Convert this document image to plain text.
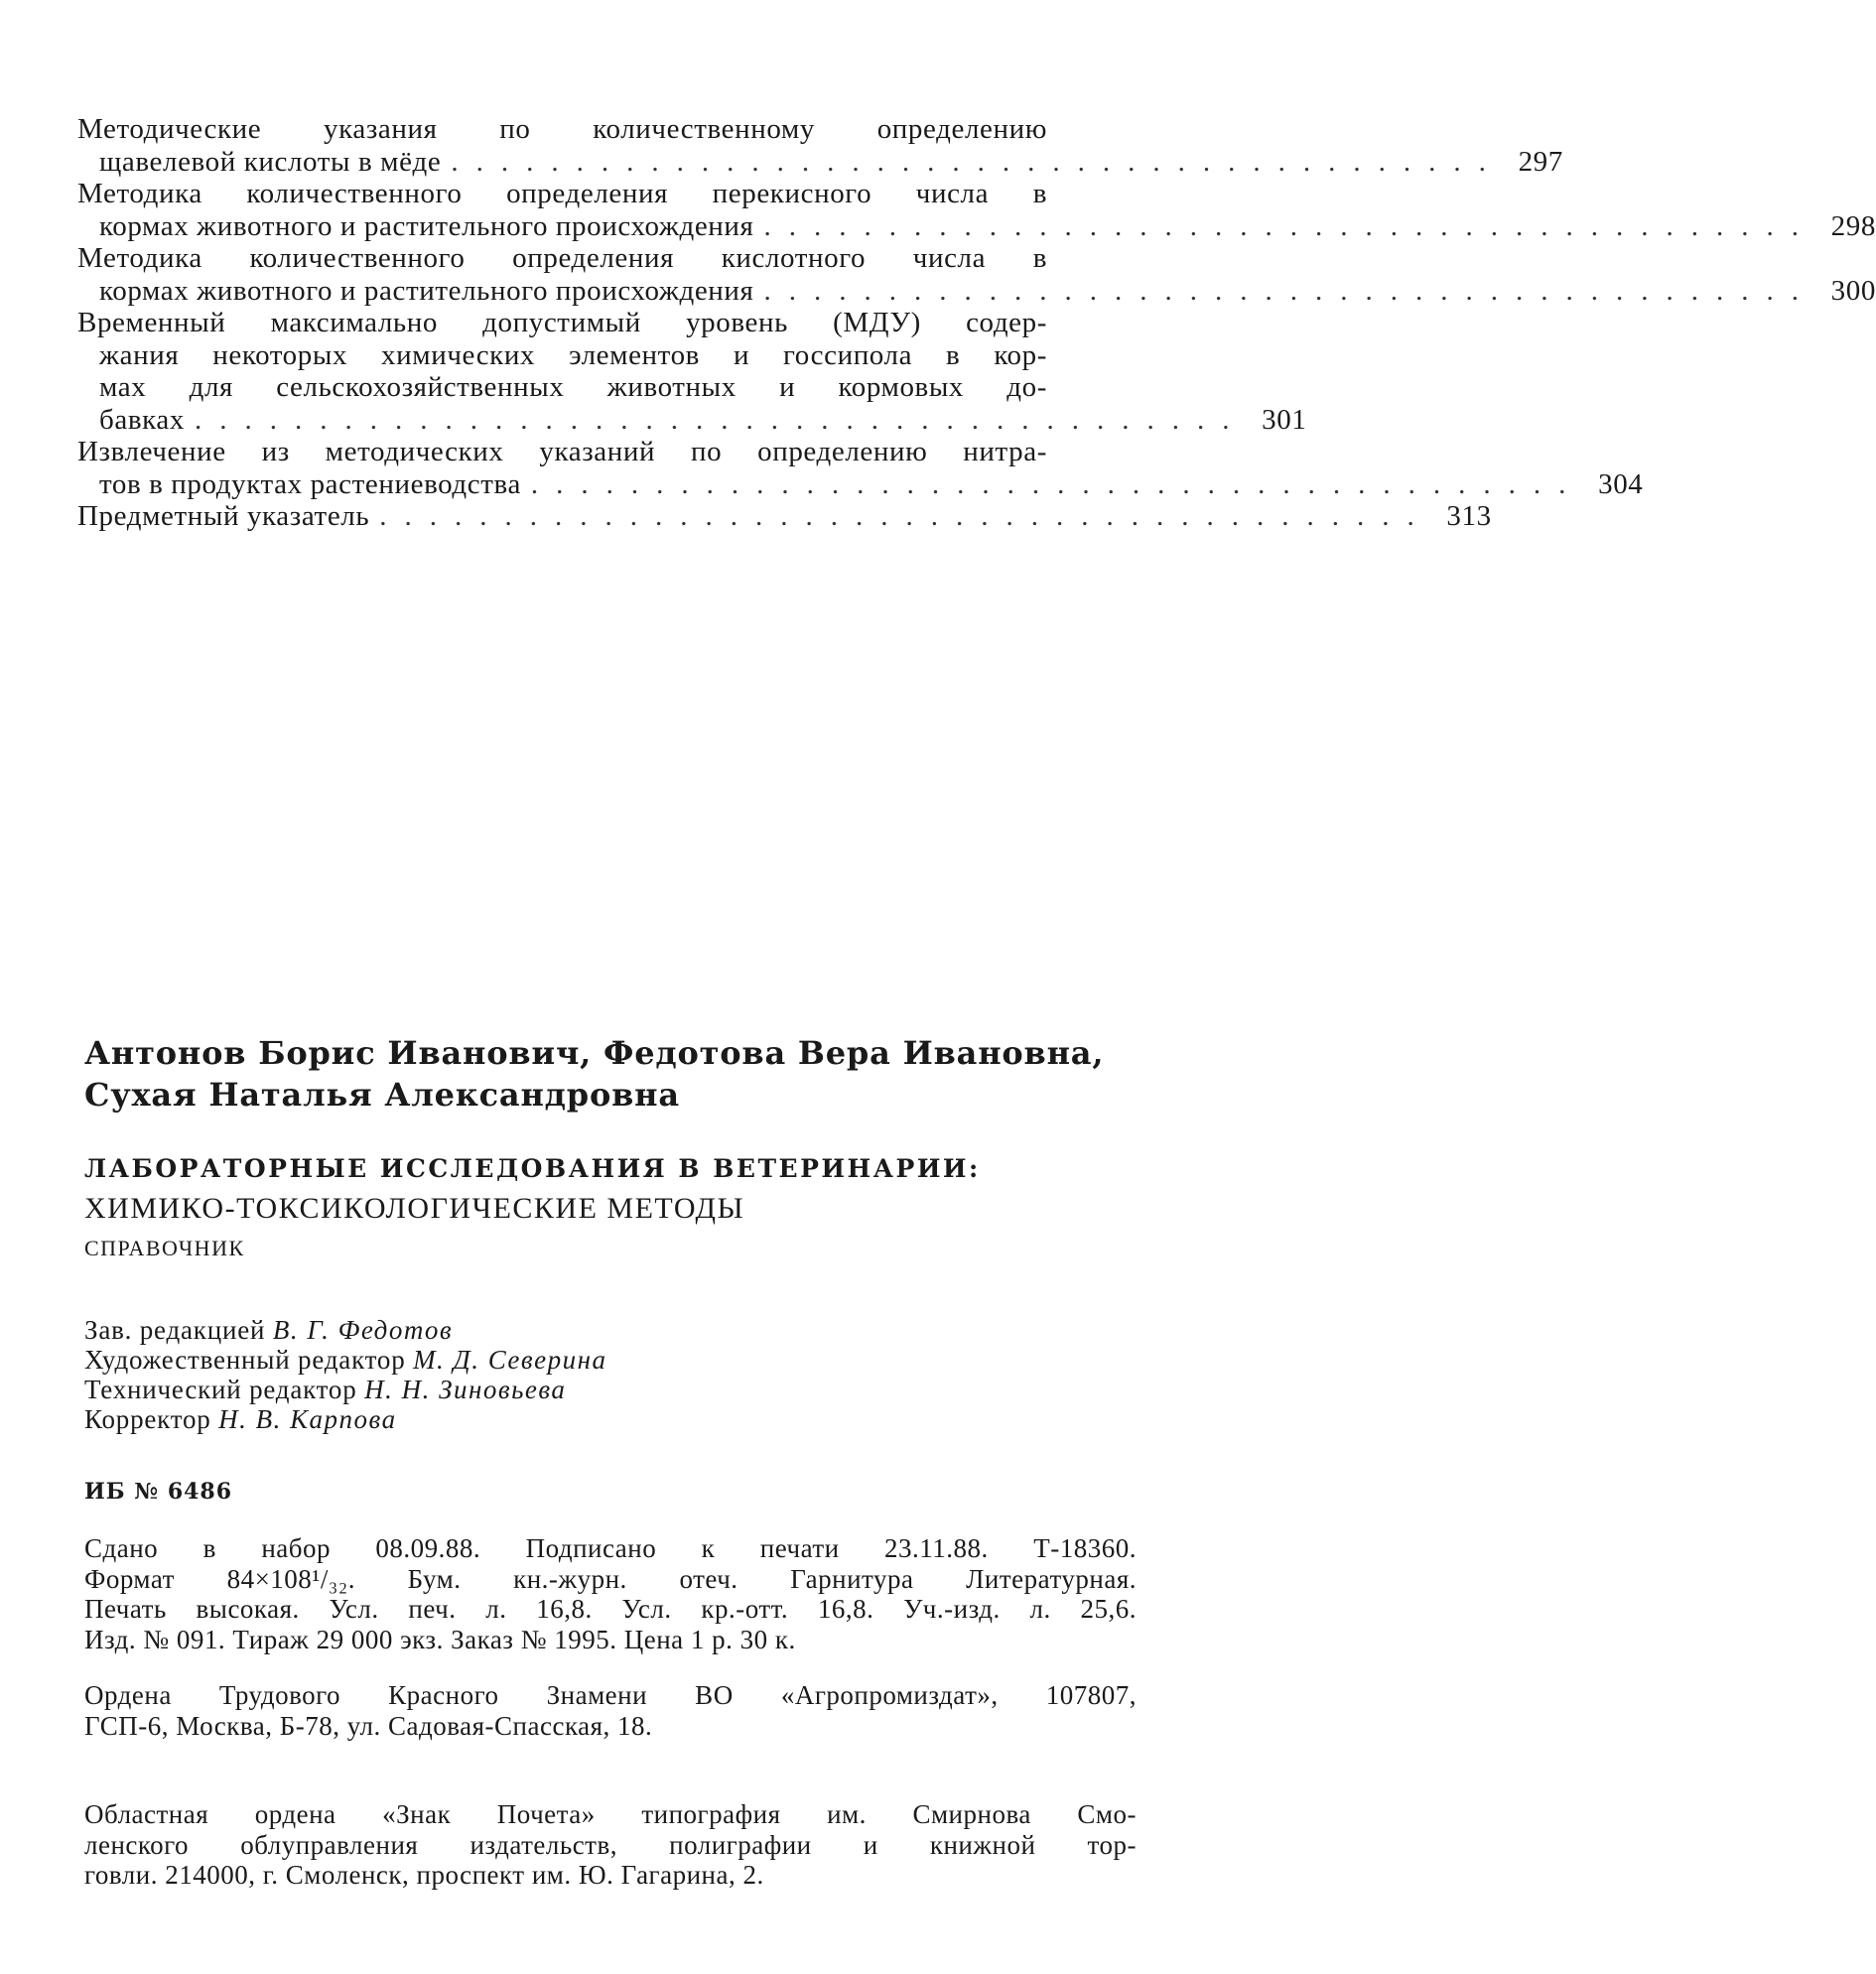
Методические указания по количественному определению
щавелевой кислоты в мёде .......................................... 297
Методика количественного определения перекисного числа в
кормах животного и растительного происхождения .......................................... 298
Методика количественного определения кислотного числа в
кормах животного и растительного происхождения .......................................... 300
Временный максимально допустимый уровень (МДУ) содер-
жания некоторых химических элементов и госсипола в кор-
мах для сельскохозяйственных животных и кормовых до-
бавках .......................................... 301
Извлечение из методических указаний по определению нитра-
тов в продуктах растениеводства .......................................... 304
Предметный указатель .......................................... 313
Антонов Борис Иванович, Федотова Вера Ивановна,
Сухая Наталья Александровна
ЛАБОРАТОРНЫЕ ИССЛЕДОВАНИЯ В ВЕТЕРИНАРИИ:
ХИМИКО-ТОКСИКОЛОГИЧЕСКИЕ МЕТОДЫ
СПРАВОЧНИК
Зав. редакцией В. Г. Федотов
Художественный редактор М. Д. Северина
Технический редактор Н. Н. Зиновьева
Корректор Н. В. Карпова
ИБ № 6486
Сдано в набор 08.09.88. Подписано к печати 23.11.88. Т-18360.
Формат 84×108¹/₃₂. Бум. кн.-журн. отеч. Гарнитура Литературная.
Печать высокая. Усл. печ. л. 16,8. Усл. кр.-отт. 16,8. Уч.-изд. л. 25,6.
Изд. № 091. Тираж 29 000 экз. Заказ № 1995. Цена 1 р. 30 к.
Ордена Трудового Красного Знамени ВО «Агропромиздат», 107807,
ГСП-6, Москва, Б-78, ул. Садовая-Спасская, 18.
Областная ордена «Знак Почета» типография им. Смирнова Смо-
ленского облуправления издательств, полиграфии и книжной тор-
говли. 214000, г. Смоленск, проспект им. Ю. Гагарина, 2.
